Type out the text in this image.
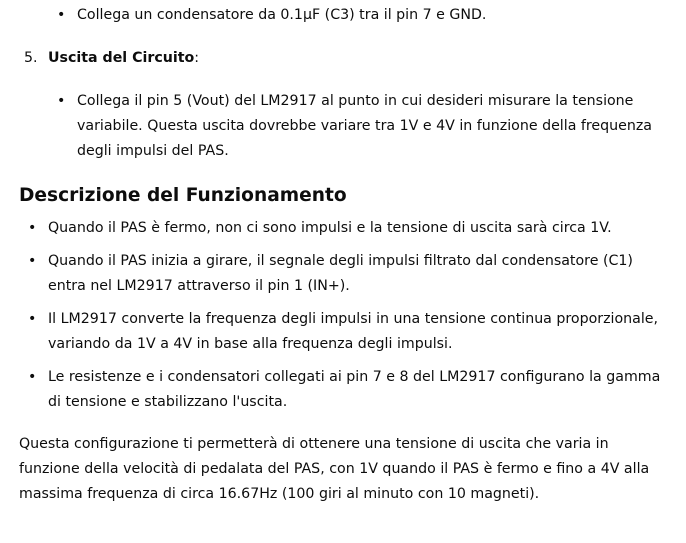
• Collega un condensatore da 0.1µF (C3) tra il pin 7 e GND.
5. Uscita del Circuito:
• Collega il pin 5 (Vout) del LM2917 al punto in cui desideri misurare la tensione variabile. Questa uscita dovrebbe variare tra 1V e 4V in funzione della frequenza degli impulsi del PAS.
Descrizione del Funzionamento
• Quando il PAS è fermo, non ci sono impulsi e la tensione di uscita sarà circa 1V.
• Quando il PAS inizia a girare, il segnale degli impulsi filtrato dal condensatore (C1) entra nel LM2917 attraverso il pin 1 (IN+).
• Il LM2917 converte la frequenza degli impulsi in una tensione continua proporzionale, variando da 1V a 4V in base alla frequenza degli impulsi.
• Le resistenze e i condensatori collegati ai pin 7 e 8 del LM2917 configurano la gamma di tensione e stabilizzano l'uscita.

Questa configurazione ti permetterà di ottenere una tensione di uscita che varia in funzione della velocità di pedalata del PAS, con 1V quando il PAS è fermo e fino a 4V alla massima frequenza di circa 16.67Hz (100 giri al minuto con 10 magneti).
